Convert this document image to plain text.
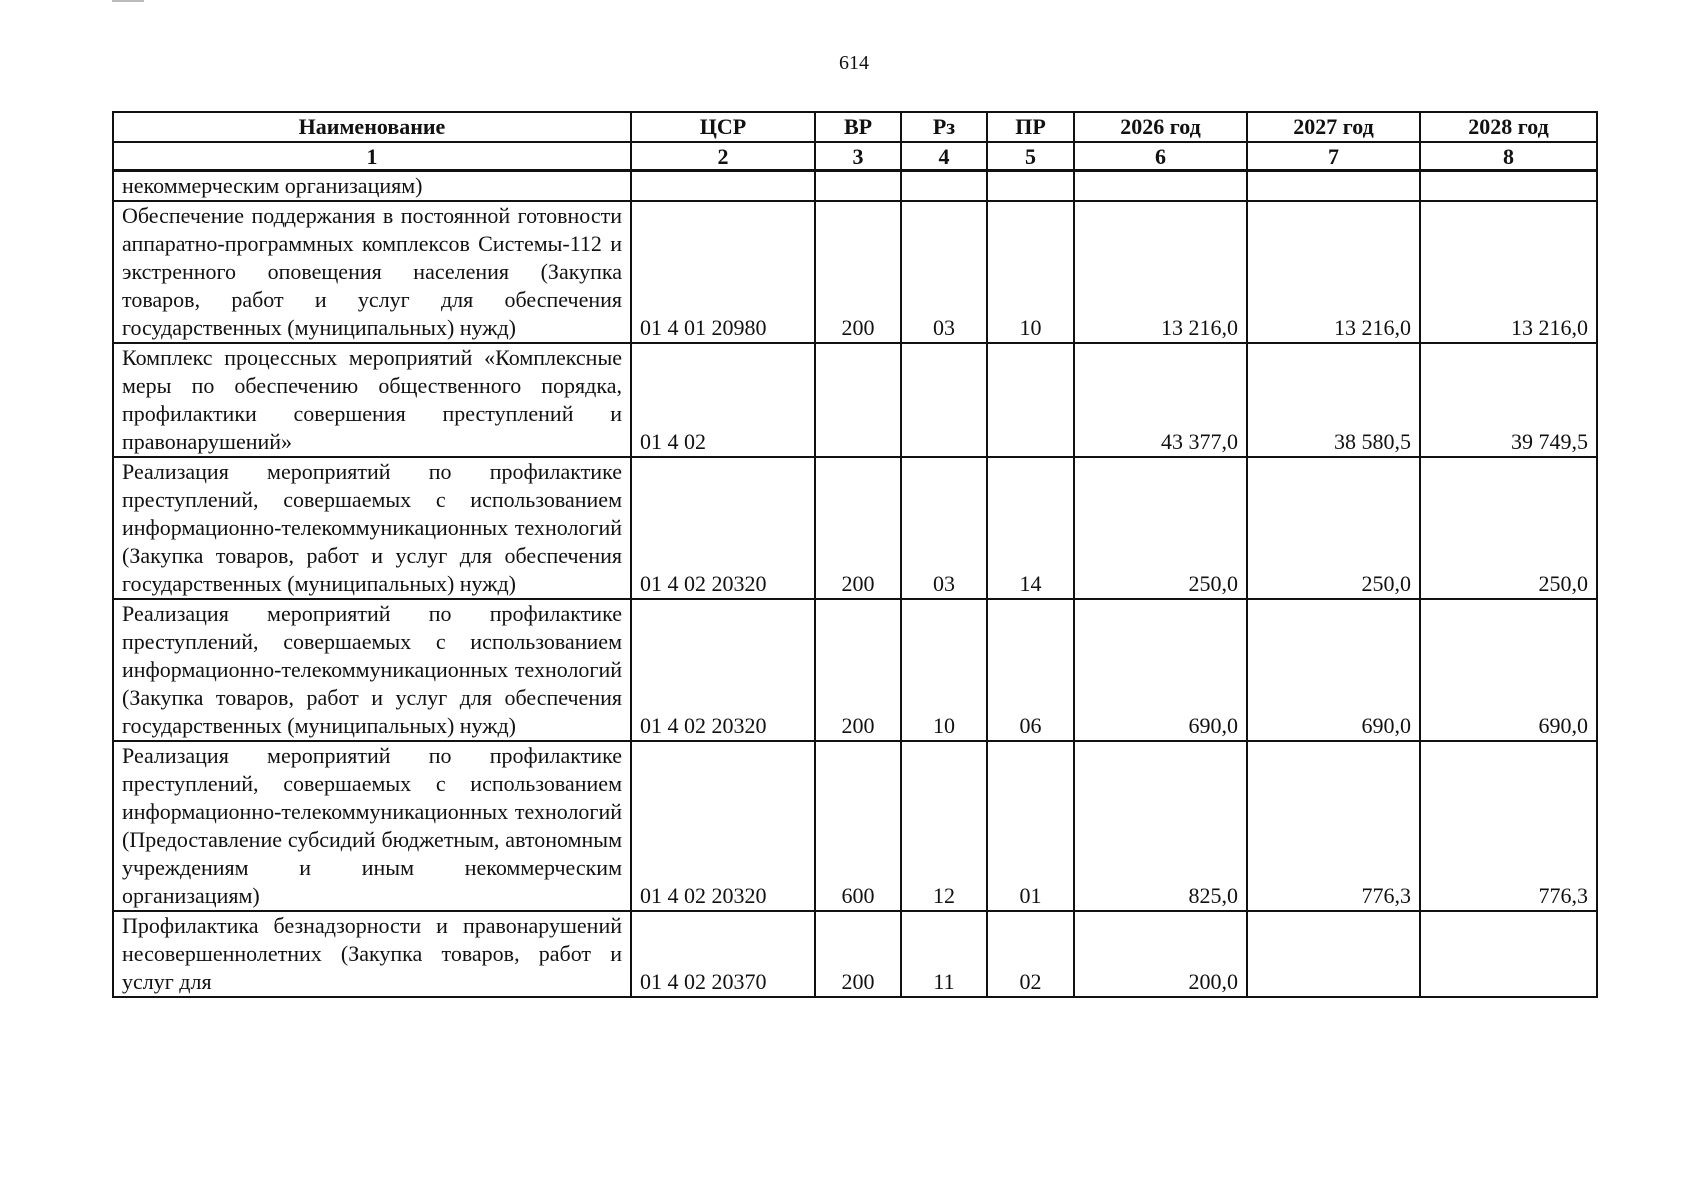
614
Наименование	ЦСР	ВР	Рз	ПР	2026 год	2027 год	2028 год
1	2	3	4	5	6	7	8
некоммерческим организациям)							
Обеспечение поддержания в постоянной готовности аппаратно-программных комплексов Системы-112 и экстренного оповещения населения (Закупка товаров, работ и услуг для обеспечения государственных (муниципальных) нужд)	01 4 01 20980	200	03	10	13 216,0	13 216,0	13 216,0
Комплекс процессных мероприятий «Комплексные меры по обеспечению общественного порядка, профилактики совершения преступлений и правонарушений»	01 4 02				43 377,0	38 580,5	39 749,5
Реализация мероприятий по профилактике преступлений, совершаемых с использованием информационно-телекоммуникационных технологий (Закупка товаров, работ и услуг для обеспечения государственных (муниципальных) нужд)	01 4 02 20320	200	03	14	250,0	250,0	250,0
Реализация мероприятий по профилактике преступлений, совершаемых с использованием информационно-телекоммуникационных технологий (Закупка товаров, работ и услуг для обеспечения государственных (муниципальных) нужд)	01 4 02 20320	200	10	06	690,0	690,0	690,0
Реализация мероприятий по профилактике преступлений, совершаемых с использованием информационно-телекоммуникационных технологий (Предоставление субсидий бюджетным, автономным учреждениям и иным некоммерческим организациям)	01 4 02 20320	600	12	01	825,0	776,3	776,3
Профилактика безнадзорности и правонарушений несовершеннолетних (Закупка товаров, работ и услуг для	01 4 02 20370	200	11	02	200,0		
